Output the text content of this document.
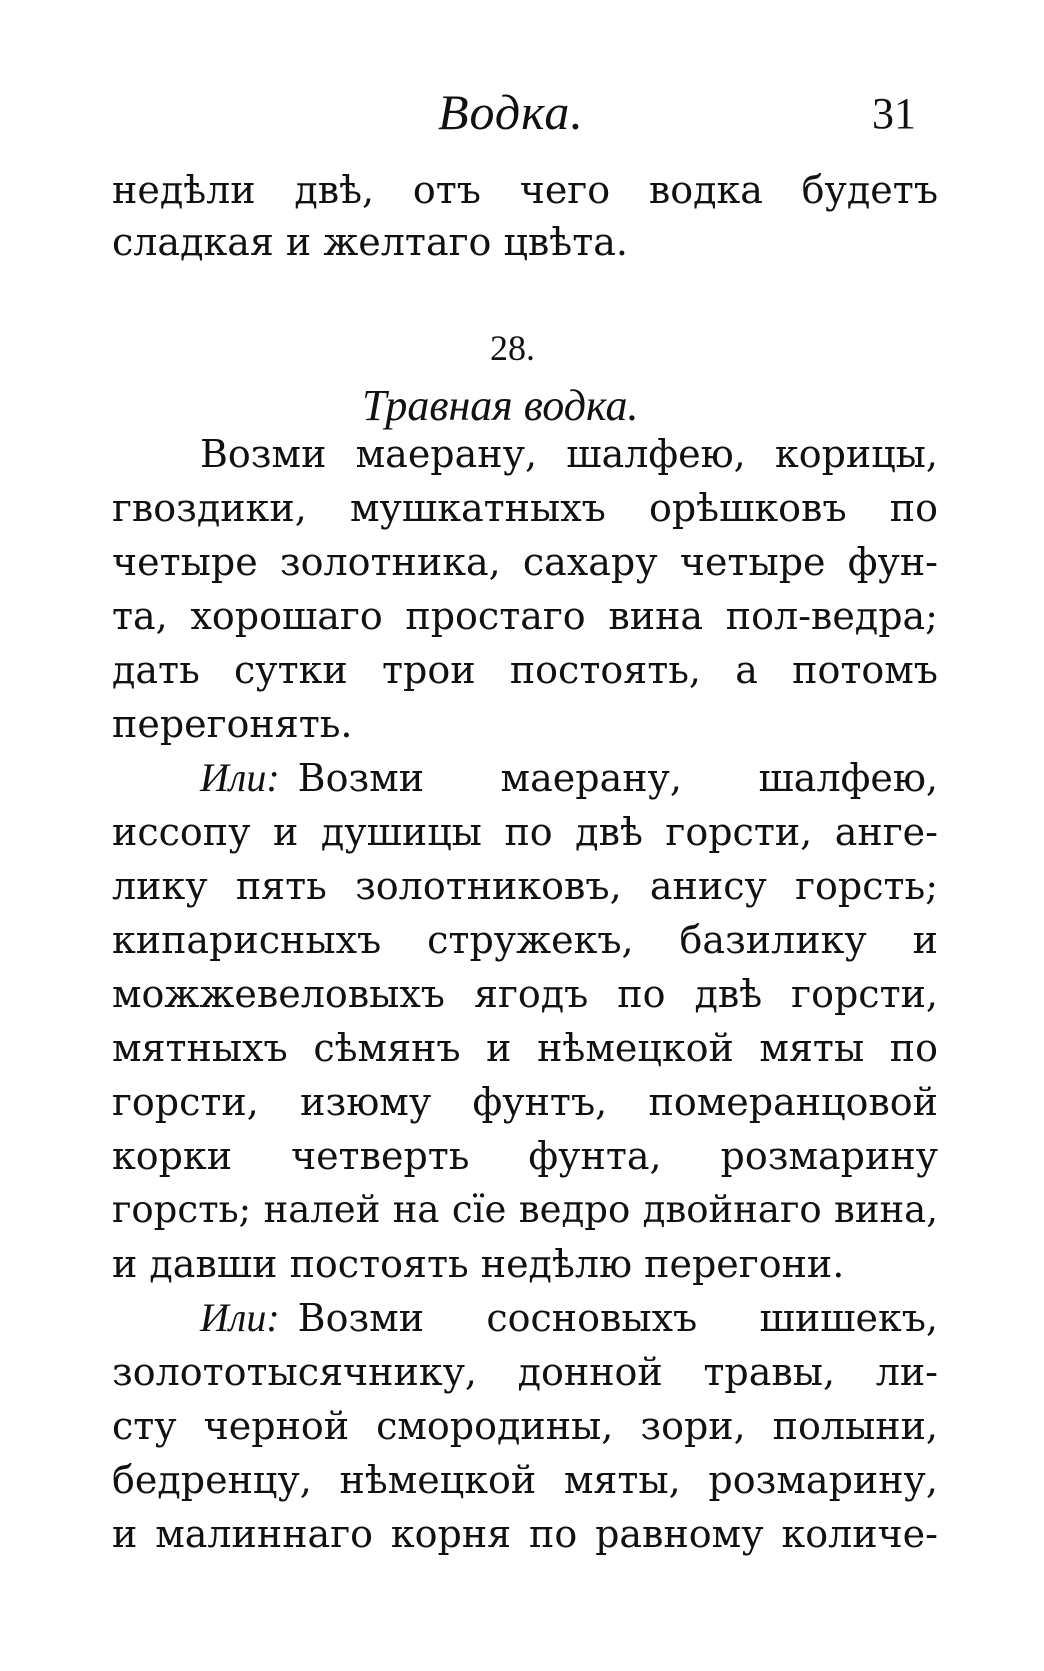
Водка.	31
недѣли двѣ, отъ чего водка будетъ
сладкая и желтаго цвѣта.
28.
Травная водка.
Возми маерану, шалфею, корицы,
гвоздики, мушкатныхъ орѣшковъ по
четыре золотника, сахару четыре фун-
та, хорошаго простаго вина пол-ведра;
дать сутки трои постоять, а потомъ
перегонять.
Или: Возми маерану, шалфею,
иссопу и душицы по двѣ горсти, анге-
лику пять золотниковъ, анису горсть;
кипарисныхъ стружекъ, базилику и
можжевеловыхъ ягодъ по двѣ горсти,
мятныхъ сѣмянъ и нѣмецкой мяты по
горсти, изюму фунтъ, померанцовой
корки четверть фунта, розмарину
горсть; налей на сїе ведро двойнаго вина,
и давши постоять недѣлю перегони.
Или: Возми сосновыхъ шишекъ,
золототысячнику, донной травы, ли-
сту черной смородины, зори, полыни,
бедренцу, нѣмецкой мяты, розмарину,
и малиннаго корня по равному количе-
